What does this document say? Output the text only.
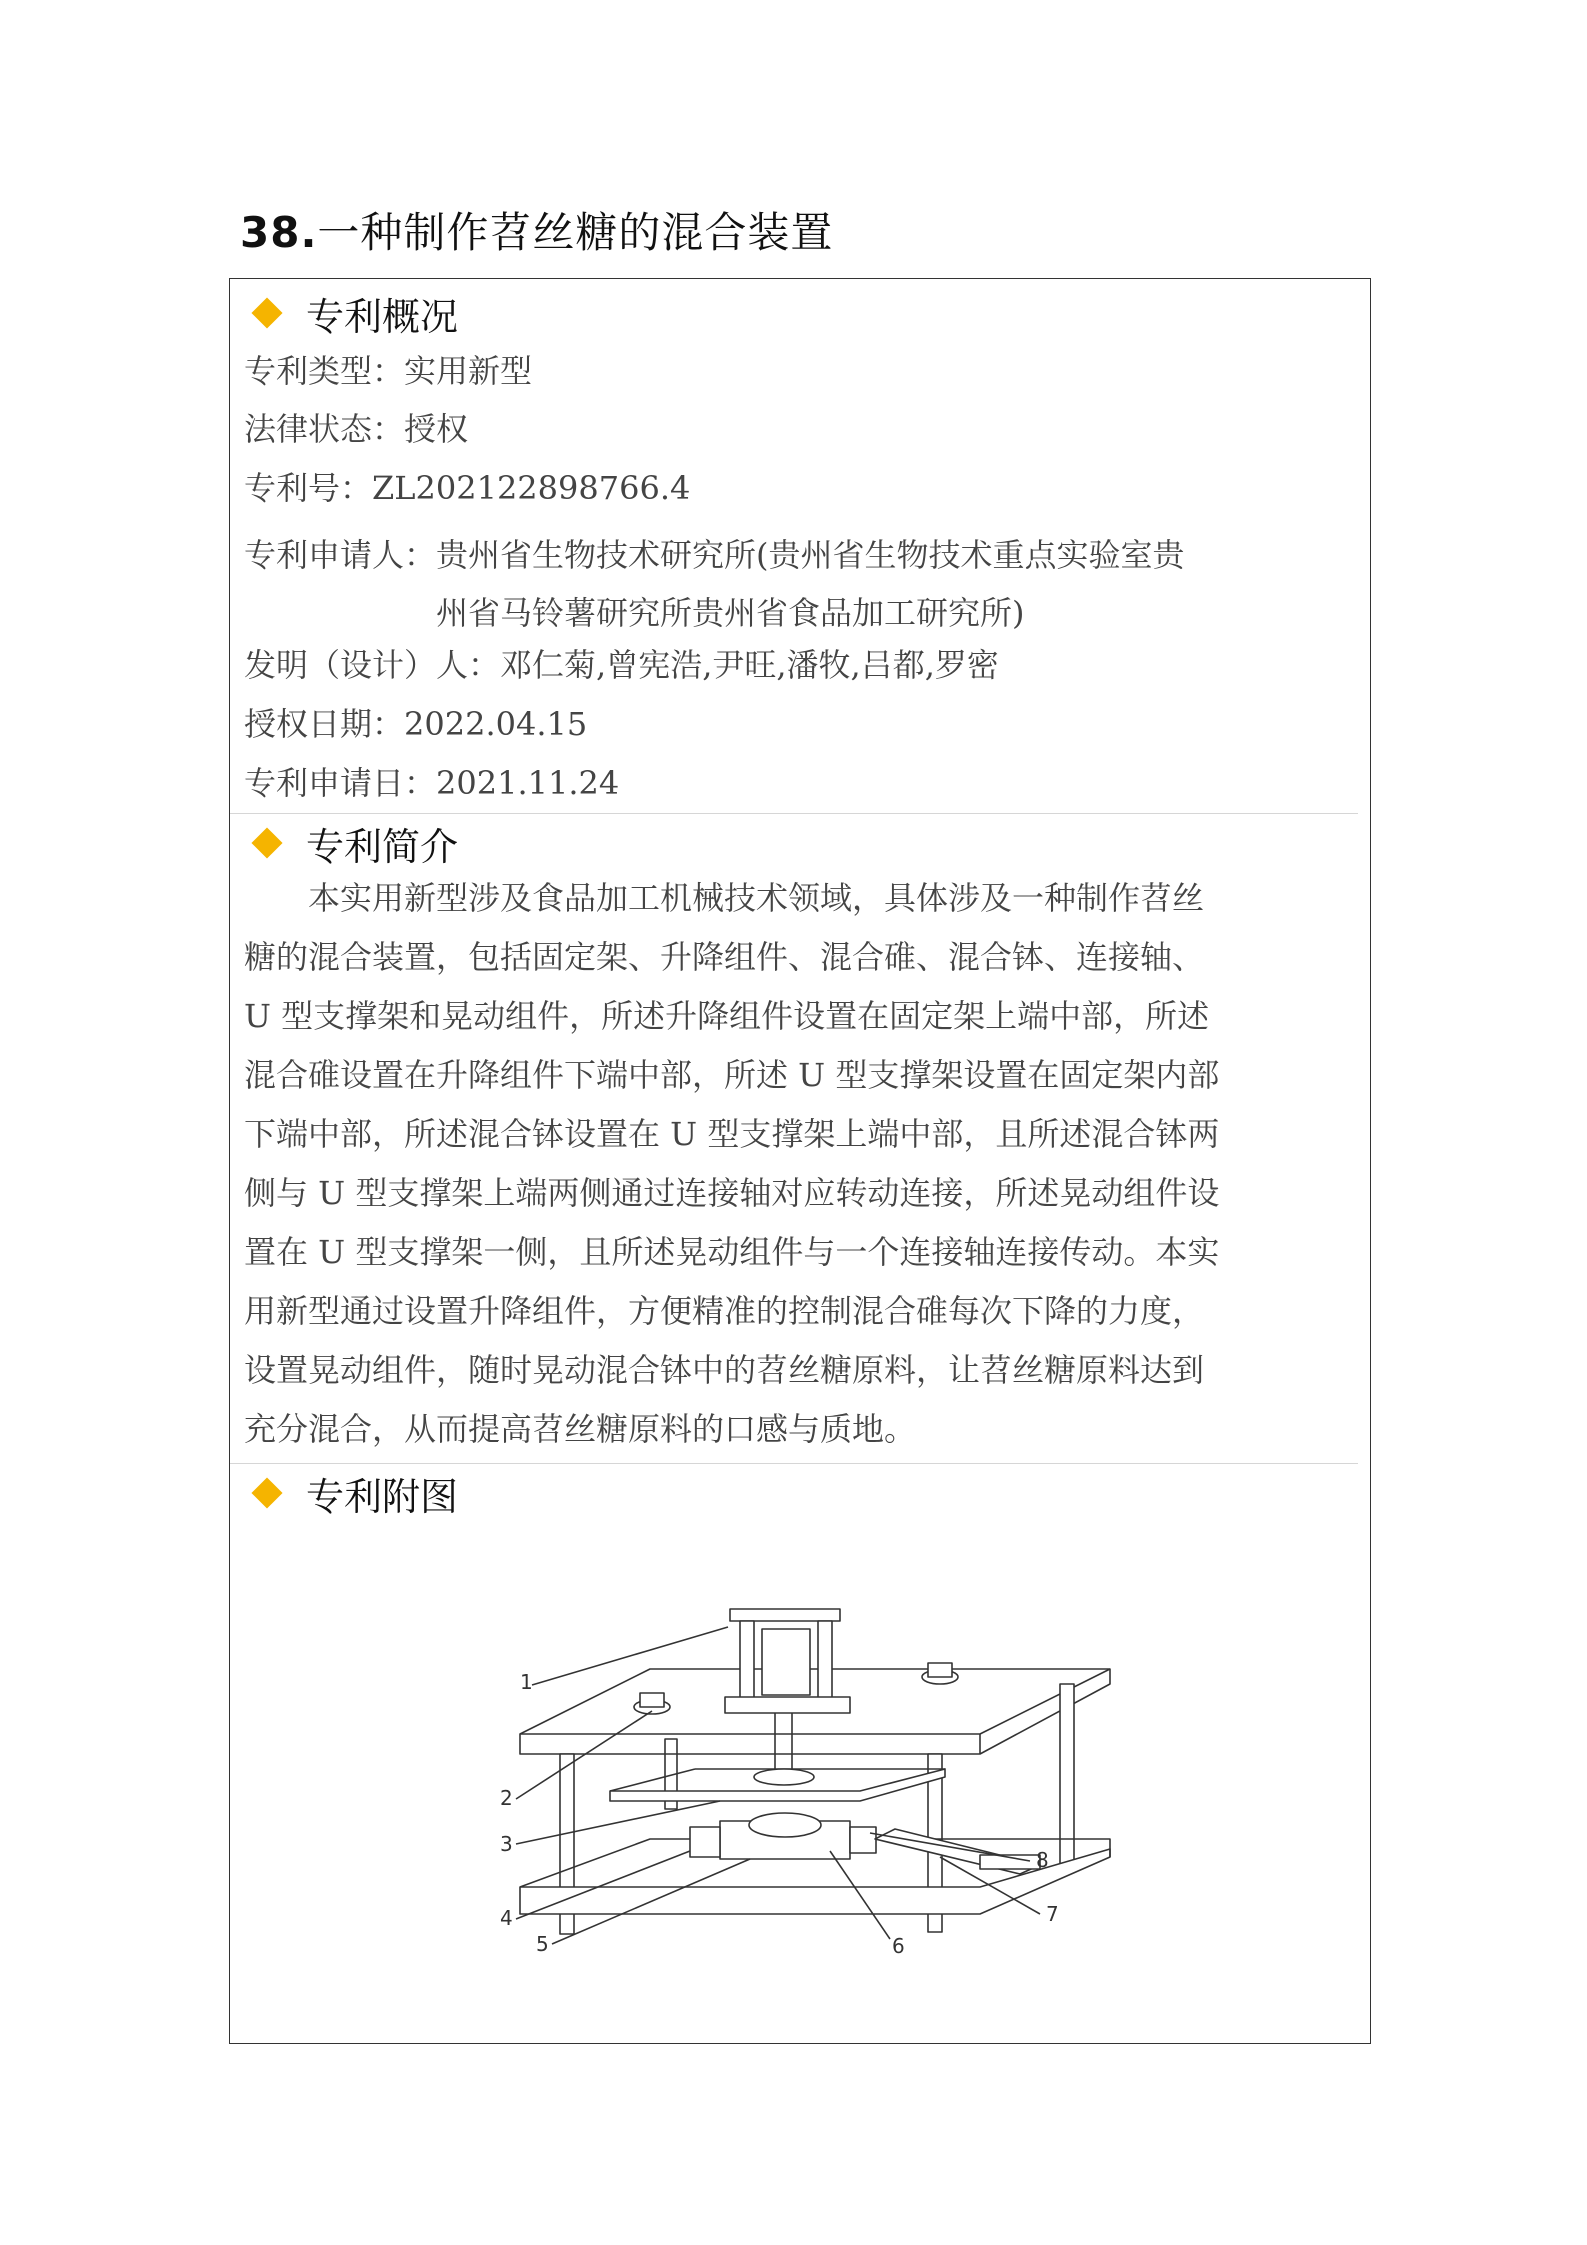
38.一种制作苕丝糖的混合装置
专利概况
专利类型：实用新型
法律状态：授权
专利号：ZL202122898766.4
专利申请人： 贵州省生物技术研究所(贵州省生物技术重点实验室贵
州省马铃薯研究所贵州省食品加工研究所)
发明（设计）人：邓仁菊,曾宪浩,尹旺,潘牧,吕都,罗密
授权日期：2022.04.15
专利申请日：2021.11.24
专利简介

　　本实用新型涉及食品加工机械技术领域，具体涉及一种制作苕丝
糖的混合装置，包括固定架、升降组件、混合碓、混合钵、连接轴、
U 型支撑架和晃动组件，所述升降组件设置在固定架上端中部，所述
混合碓设置在升降组件下端中部，所述 U 型支撑架设置在固定架内部
下端中部，所述混合钵设置在 U 型支撑架上端中部，且所述混合钵两
侧与 U 型支撑架上端两侧通过连接轴对应转动连接，所述晃动组件设
置在 U 型支撑架一侧，且所述晃动组件与一个连接轴连接传动。本实
用新型通过设置升降组件，方便精准的控制混合碓每次下降的力度，
设置晃动组件，随时晃动混合钵中的苕丝糖原料，让苕丝糖原料达到
充分混合，从而提高苕丝糖原料的口感与质地。

专利附图
1
2
3
4
5	6
7
8
